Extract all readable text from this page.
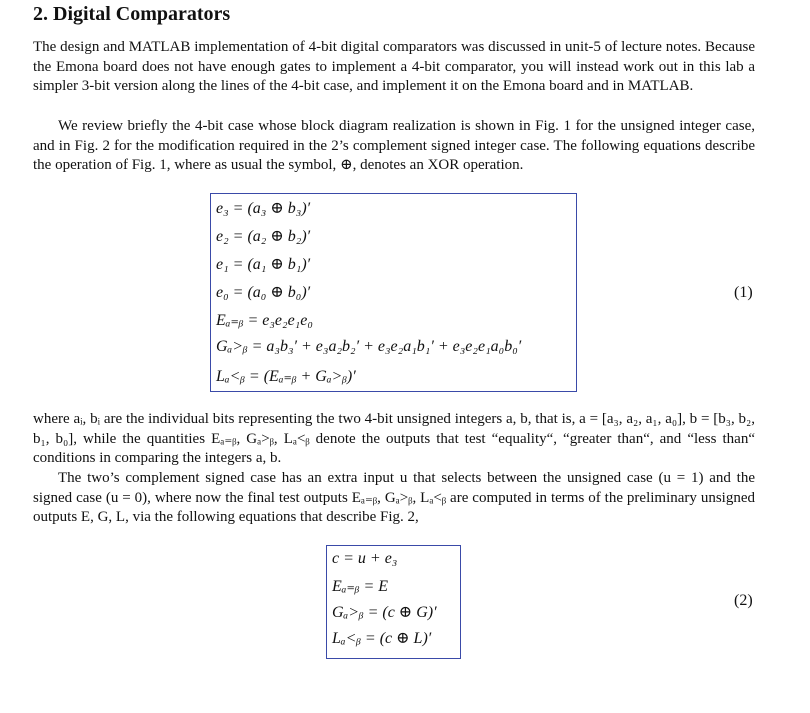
2. Digital Comparators

The design and MATLAB implementation of 4-bit digital comparators was discussed in unit-5 of lecture notes. Because the Emona board does not have enough gates to implement a 4-bit comparator, you will instead work out in this lab a simpler 3-bit version along the lines of the 4-bit case, and implement it on the Emona board and in MATLAB.

We review briefly the 4-bit case whose block diagram realization is shown in Fig. 1 for the unsigned integer case, and in Fig. 2 for the modification required in the 2’s complement signed integer case. The following equations describe the operation of Fig. 1, where as usual the symbol, ⊕, denotes an XOR operation.

e₃ = (a₃ ⊕ b₃)′
e₂ = (a₂ ⊕ b₂)′
e₁ = (a₁ ⊕ b₁)′
e₀ = (a₀ ⊕ b₀)′
Eₐ₌ᵦ = e₃e₂e₁e₀
Gₐ>ᵦ = a₃b₃′ + e₃a₂b₂′ + e₃e₂a₁b₁′ + e₃e₂e₁a₀b₀′
Lₐ<ᵦ = (Eₐ₌ᵦ + Gₐ>ᵦ)′
(1)

where aᵢ, bᵢ are the individual bits representing the two 4-bit unsigned integers a, b, that is, a = [a₃, a₂, a₁, a₀], b = [b₃, b₂, b₁, b₀], while the quantities Eₐ₌ᵦ, Gₐ>ᵦ, Lₐ<ᵦ denote the outputs that test “equality“, “greater than“, and “less than“ conditions in comparing the integers a, b.

The two’s complement signed case has an extra input u that selects between the unsigned case (u = 1) and the signed case (u = 0), where now the final test outputs Eₐ₌ᵦ, Gₐ>ᵦ, Lₐ<ᵦ are computed in terms of the preliminary unsigned outputs E, G, L, via the following equations that describe Fig. 2,

c = u + e₃
Eₐ₌ᵦ = E
Gₐ>ᵦ = (c ⊕ G)′
Lₐ<ᵦ = (c ⊕ L)′
(2)
